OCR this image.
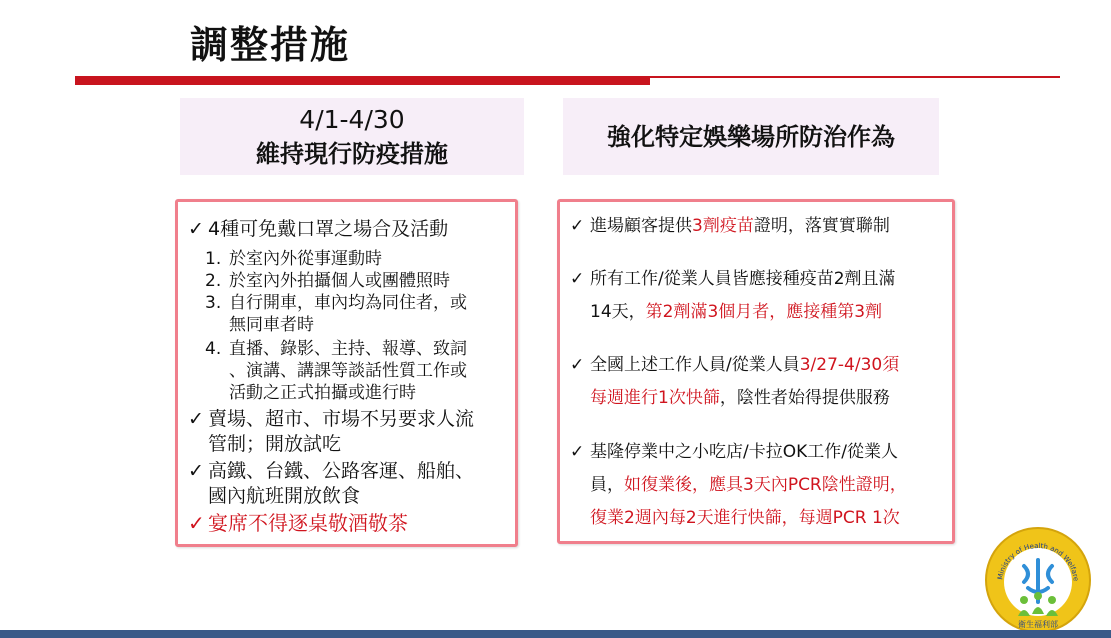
調整措施
4/1-4/30
維持現行防疫措施
強化特定娛樂場所防治作為
✓ 4種可免戴口罩之場合及活動
1. 於室內外從事運動時
2. 於室內外拍攝個人或團體照時
3. 自行開車，車內均為同住者，或
無同車者時
4. 直播、錄影、主持、報導、致詞
、演講、講課等談話性質工作或
活動之正式拍攝或進行時
✓ 賣場、超市、市場不另要求人流
管制；開放試吃
✓ 高鐵、台鐵、公路客運、船舶、
國內航班開放飲食
✓ 宴席不得逐桌敬酒敬茶
✓ 進場顧客提供3劑疫苗證明，落實實聯制
✓ 所有工作/從業人員皆應接種疫苗2劑且滿
14天，第2劑滿3個月者，應接種第3劑
✓ 全國上述工作人員/從業人員3/27-4/30須
每週進行1次快篩，陰性者始得提供服務
✓ 基隆停業中之小吃店/卡拉OK工作/從業人
員，如復業後，應具3天內PCR陰性證明，
復業2週內每2天進行快篩，每週PCR 1次
Ministry of Health and Welfare
衛生福利部
